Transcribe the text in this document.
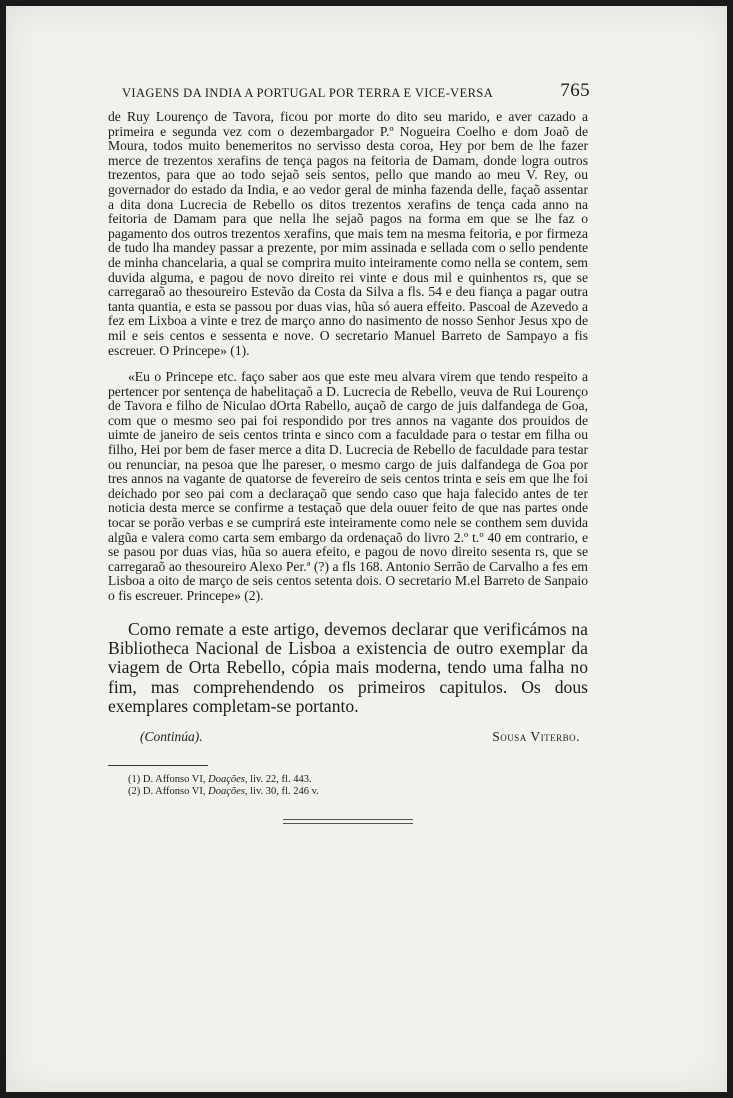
VIAGENS DA INDIA A PORTUGAL POR TERRA E VICE-VERSA	765

de Ruy Lourenço de Tavora, ficou por morte do dito seu marido, e aver cazado a primeira e segunda vez com o dezembargador P.º Nogueira Coelho e dom Joaõ de Moura, todos muito benemeritos no servisso desta coroa, Hey por bem de lhe fazer merce de trezentos xerafins de tença pagos na feitoria de Damam, donde logra outros trezentos, para que ao todo sejaõ seis sentos, pello que mando ao meu V. Rey, ou governador do estado da India, e ao vedor geral de minha fazenda delle, façaõ assentar a dita dona Lucrecia de Rebello os ditos trezentos xerafins de tença cada anno na feitoria de Damam para que nella lhe sejaõ pagos na forma em que se lhe faz o pagamento dos outros trezentos xerafins, que mais tem na mesma feitoria, e por firmeza de tudo lha mandey passar a prezente, por mim assinada e sellada com o sello pendente de minha chancelaria, a qual se comprira muito inteiramente como nella se contem, sem duvida alguma, e pagou de novo direito rei vinte e dous mil e quinhentos rs, que se carregaraõ ao thesoureiro Estevão da Costa da Silva a fls. 54 e deu fiança a pagar outra tanta quantia, e esta se passou por duas vias, hũa só auera effeito. Pascoal de Azevedo a fez em Lixboa a vinte e trez de março anno do nasimento de nosso Senhor Jesus xpo de mil e seis centos e sessenta e nove. O secretario Manuel Barreto de Sampayo a fis escreuer. O Princepe» (1).

«Eu o Princepe etc. faço saber aos que este meu alvara virem que tendo respeito a pertencer por sentença de habelitaçaõ a D. Lucrecia de Rebello, veuva de Rui Lourenço de Tavora e filho de Niculao dOrta Rabello, auçaõ de cargo de juis dalfandega de Goa, com que o mesmo seo pai foi respondido por tres annos na vagante dos prouidos de uimte de janeiro de seis centos trinta e sinco com a faculdade para o testar em filha ou filho, Hei por bem de faser merce a dita D. Lucrecia de Rebello de faculdade para testar ou renunciar, na pesoa que lhe pareser, o mesmo cargo de juis dalfandega de Goa por tres annos na vagante de quatorse de fevereiro de seis centos trinta e seis em que lhe foi deichado por seo pai com a declaraçaõ que sendo caso que haja falecido antes de ter noticia desta merce se confirme a testaçaõ que dela ouuer feito de que nas partes onde tocar se porão verbas e se cumprirá este inteiramente como nele se conthem sem duvida algũa e valera como carta sem embargo da ordenaçaõ do livro 2.º t.º 40 em contrario, e se pasou por duas vias, hũa so auera efeito, e pagou de novo direito sesenta rs, que se carregaraõ ao thesoureiro Alexo Per.ª (?) a fls 168. Antonio Serrão de Carvalho a fes em Lisboa a oito de março de seis centos setenta dois. O secretario M.el Barreto de Sanpaio o fis escreuer. Princepe» (2).

Como remate a este artigo, devemos declarar que verificámos na Bibliotheca Nacional de Lisboa a existencia de outro exemplar da viagem de Orta Rebello, cópia mais moderna, tendo uma falha no fim, mas comprehendendo os primeiros capitulos. Os dous exemplares completam-se portanto.

(Continúa).	Sousa Viterbo.
(1) D. Affonso VI, Doações, liv. 22, fl. 443.
(2) D. Affonso VI, Doações, liv. 30, fl. 246 v.
